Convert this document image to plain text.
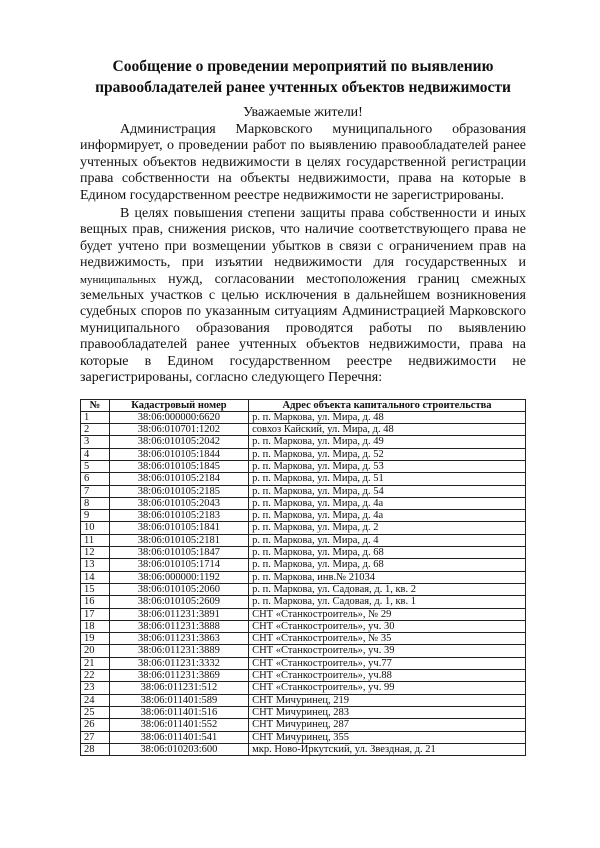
Сообщение о проведении мероприятий по выявлению
правообладателей ранее учтенных объектов недвижимости
Уважаемые жители!

Администрация Марковского муниципального образования информирует, о проведении работ по выявлению правообладателей ранее учтенных объектов недвижимости в целях государственной регистрации права собственности на объекты недвижимости, права на которые в Едином государственном реестре недвижимости не зарегистрированы.

В целях повышения степени защиты права собственности и иных вещных прав, снижения рисков, что наличие соответствующего права не будет учтено при возмещении убытков в связи с ограничением прав на недвижимость, при изъятии недвижимости для государственных и муниципальных нужд, согласовании местоположения границ смежных земельных участков с целью исключения в дальнейшем возникновения судебных споров по указанным ситуациям Администрацией Марковского муниципального образования проводятся работы по выявлению правообладателей ранее учтенных объектов недвижимости, права на которые в Едином государственном реестре недвижимости не зарегистрированы, согласно следующего Перечня:

№	Кадастровый номер	Адрес объекта капитального строительства
1	38:06:000000:6620	р. п. Маркова, ул. Мира, д. 48
2	38:06:010701:1202	совхоз Кайский, ул. Мира, д. 48
3	38:06:010105:2042	р. п. Маркова, ул. Мира, д. 49
4	38:06:010105:1844	р. п. Маркова, ул. Мира, д. 52
5	38:06:010105:1845	р. п. Маркова, ул. Мира, д. 53
6	38:06:010105:2184	р. п. Маркова, ул. Мира, д. 51
7	38:06:010105:2185	р. п. Маркова, ул. Мира, д. 54
8	38:06:010105:2043	р. п. Маркова, ул. Мира, д. 4а
9	38:06:010105:2183	р. п. Маркова, ул. Мира, д. 4а
10	38:06:010105:1841	р. п. Маркова, ул. Мира, д. 2
11	38:06:010105:2181	р. п. Маркова, ул. Мира, д. 4
12	38:06:010105:1847	р. п. Маркова, ул. Мира, д. 68
13	38:06:010105:1714	р. п. Маркова, ул. Мира, д. 68
14	38:06:000000:1192	р. п. Маркова, инв.№ 21034
15	38:06:010105:2060	р. п. Маркова, ул. Садовая, д. 1, кв. 2
16	38:06:010105:2609	р. п. Маркова, ул. Садовая, д. 1, кв. 1
17	38:06:011231:3891	СНТ «Станкостроитель», № 29
18	38:06:011231:3888	СНТ «Станкостроитель», уч. 30
19	38:06:011231:3863	СНТ «Станкостроитель», № 35
20	38:06:011231:3889	СНТ «Станкостроитель», уч. 39
21	38:06:011231:3332	СНТ «Станкостроитель», уч.77
22	38:06:011231:3869	СНТ «Станкостроитель», уч.88
23	38:06:011231:512	СНТ «Станкостроитель», уч. 99
24	38:06:011401:589	СНТ Мичуринец, 219
25	38:06:011401:516	СНТ Мичуринец, 283
26	38:06:011401:552	СНТ Мичуринец, 287
27	38:06:011401:541	СНТ Мичуринец, 355
28	38:06:010203:600	мкр. Ново-Иркутский, ул. Звездная, д. 21
